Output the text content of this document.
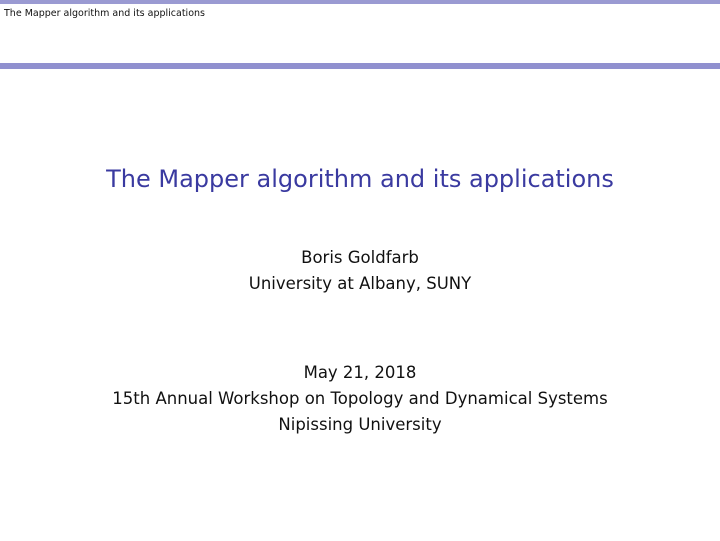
The Mapper algorithm and its applications
The Mapper algorithm and its applications
Boris Goldfarb
University at Albany, SUNY
May 21, 2018
15th Annual Workshop on Topology and Dynamical Systems
Nipissing University
